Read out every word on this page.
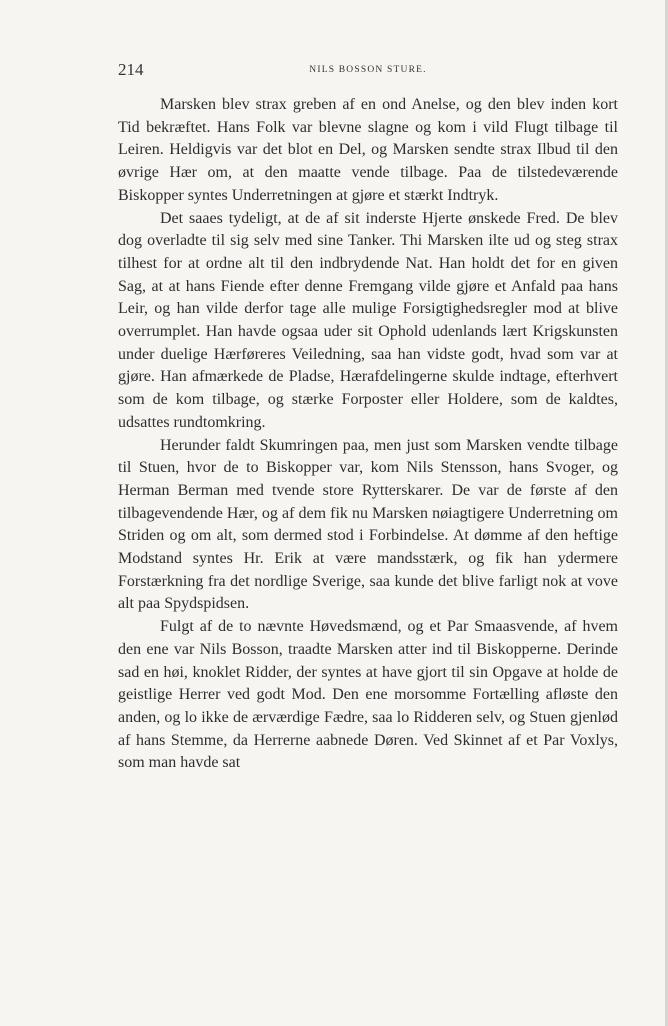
214	NILS BOSSON STURE.

Marsken blev strax greben af en ond Anelse, og den blev inden kort Tid bekræftet. Hans Folk var blevne slagne og kom i vild Flugt tilbage til Leiren. Heldigvis var det blot en Del, og Marsken sendte strax Ilbud til den øvrige Hær om, at den maatte vende tilbage. Paa de tilstedeværende Biskopper syntes Underretningen at gjøre et stærkt Indtryk.

Det saaes tydeligt, at de af sit inderste Hjerte ønskede Fred. De blev dog overladte til sig selv med sine Tanker. Thi Marsken ilte ud og steg strax tilhest for at ordne alt til den indbrydende Nat. Han holdt det for en given Sag, at at hans Fiende efter denne Fremgang vilde gjøre et Anfald paa hans Leir, og han vilde derfor tage alle mulige Forsigtighedsregler mod at blive overrumplet. Han havde ogsaa uder sit Ophold udenlands lært Krigskunsten under duelige Hærføreres Veiledning, saa han vidste godt, hvad som var at gjøre. Han afmærkede de Pladse, Hærafdelingerne skulde indtage, efterhvert som de kom tilbage, og stærke Forposter eller Holdere, som de kaldtes, udsattes rundtomkring.

Herunder faldt Skumringen paa, men just som Marsken vendte tilbage til Stuen, hvor de to Biskopper var, kom Nils Stensson, hans Svoger, og Herman Berman med tvende store Rytterskarer. De var de første af den tilbagevendende Hær, og af dem fik nu Marsken nøiagtigere Underretning om Striden og om alt, som dermed stod i Forbindelse. At dømme af den heftige Modstand syntes Hr. Erik at være mandsstærk, og fik han ydermere Forstærkning fra det nordlige Sverige, saa kunde det blive farligt nok at vove alt paa Spydspidsen.

Fulgt af de to nævnte Høvedsmænd, og et Par Smaasvende, af hvem den ene var Nils Bosson, traadte Marsken atter ind til Biskopperne. Derinde sad en høi, knoklet Ridder, der syntes at have gjort til sin Opgave at holde de geistlige Herrer ved godt Mod. Den ene morsomme Fortælling afløste den anden, og lo ikke de ærværdige Fædre, saa lo Ridderen selv, og Stuen gjenlød af hans Stemme, da Herrerne aabnede Døren. Ved Skinnet af et Par Voxlys, som man havde sat
